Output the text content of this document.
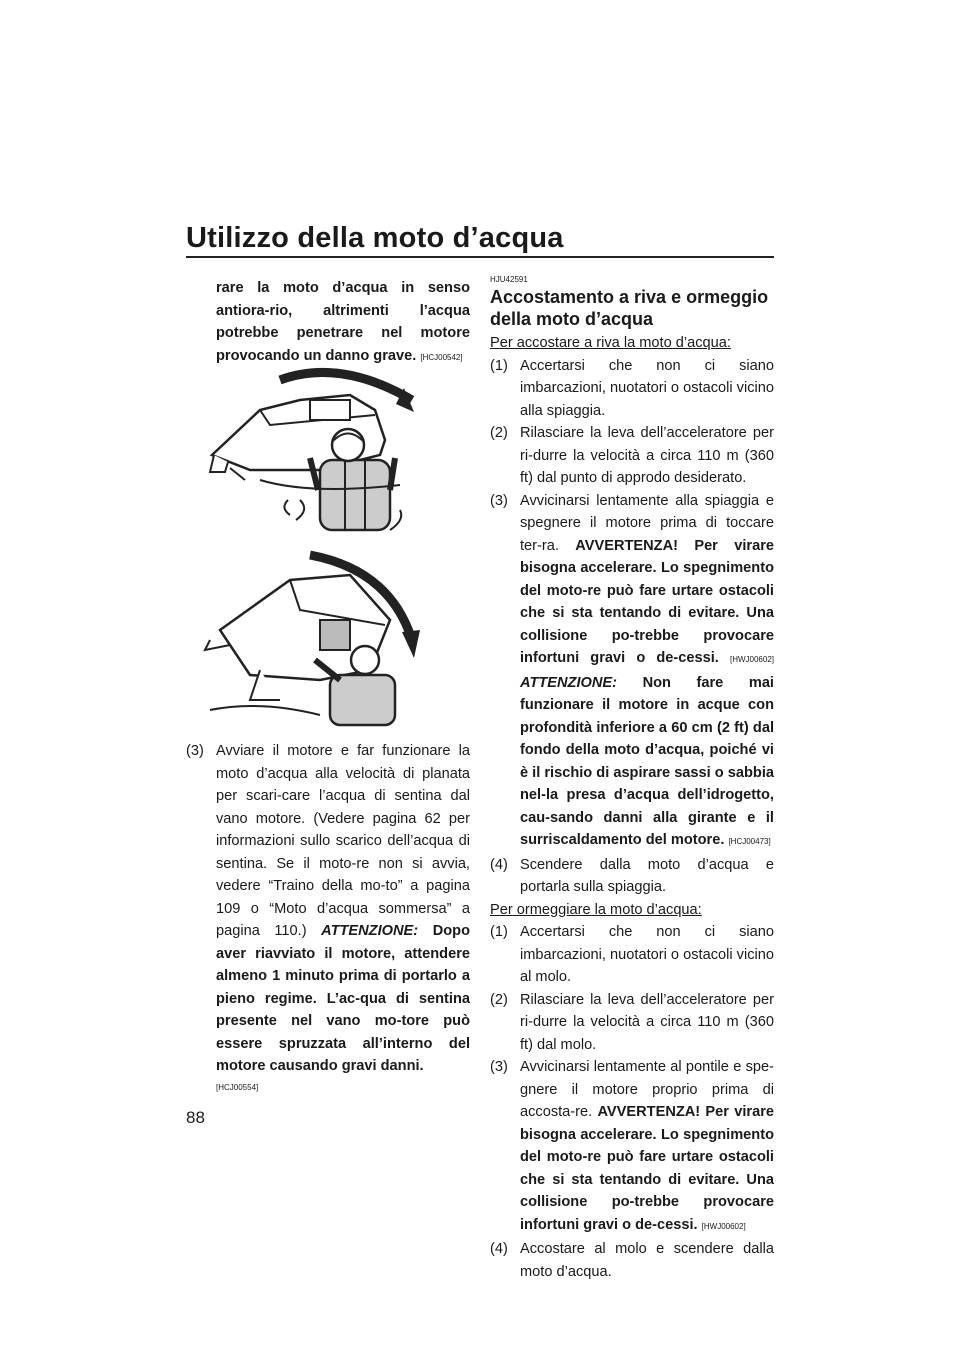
Utilizzo della moto d’acqua

rare la moto d’acqua in senso antiora-rio, altrimenti l’acqua potrebbe penetrare nel motore provocando un danno grave. [HCJ00542]

(3) Avviare il motore e far funzionare la moto d’acqua alla velocità di planata per scari-care l’acqua di sentina dal vano motore. (Vedere pagina 62 per informazioni sullo scarico dell’acqua di sentina. Se il moto-re non si avvia, vedere “Traino della mo-to” a pagina 109 o “Moto d’acqua sommersa” a pagina 110.) ATTENZIONE: Dopo aver riavviato il motore, attendere almeno 1 minuto prima di portarlo a pieno regime. L’ac-qua di sentina presente nel vano mo-tore può essere spruzzata all’interno del motore causando gravi danni.
[HCJ00554]
HJU42591
Accostamento a riva e ormeggio della moto d’acqua

Per accostare a riva la moto d’acqua:

(1) Accertarsi che non ci siano imbarcazioni, nuotatori o ostacoli vicino alla spiaggia.
(2) Rilasciare la leva dell’acceleratore per ri-durre la velocità a circa 110 m (360 ft) dal punto di approdo desiderato.
(3) Avvicinarsi lentamente alla spiaggia e spegnere il motore prima di toccare ter-ra. AVVERTENZA! Per virare bisogna accelerare. Lo spegnimento del moto-re può fare urtare ostacoli che si sta tentando di evitare. Una collisione po-trebbe provocare infortuni gravi o de-cessi. [HWJ00602] ATTENZIONE: Non fare mai funzionare il motore in acque con profondità inferiore a 60 cm (2 ft) dal fondo della moto d’acqua, poiché vi è il rischio di aspirare sassi o sabbia nel-la presa d’acqua dell’idrogetto, cau-sando danni alla girante e il surriscaldamento del motore. [HCJ00473]
(4) Scendere dalla moto d’acqua e portarla sulla spiaggia.

Per ormeggiare la moto d’acqua:

(1) Accertarsi che non ci siano imbarcazioni, nuotatori o ostacoli vicino al molo.
(2) Rilasciare la leva dell’acceleratore per ri-durre la velocità a circa 110 m (360 ft) dal molo.
(3) Avvicinarsi lentamente al pontile e spe-gnere il motore proprio prima di accosta-re. AVVERTENZA! Per virare bisogna accelerare. Lo spegnimento del moto-re può fare urtare ostacoli che si sta tentando di evitare. Una collisione po-trebbe provocare infortuni gravi o de-cessi. [HWJ00602]
(4) Accostare al molo e scendere dalla moto d’acqua.
88
